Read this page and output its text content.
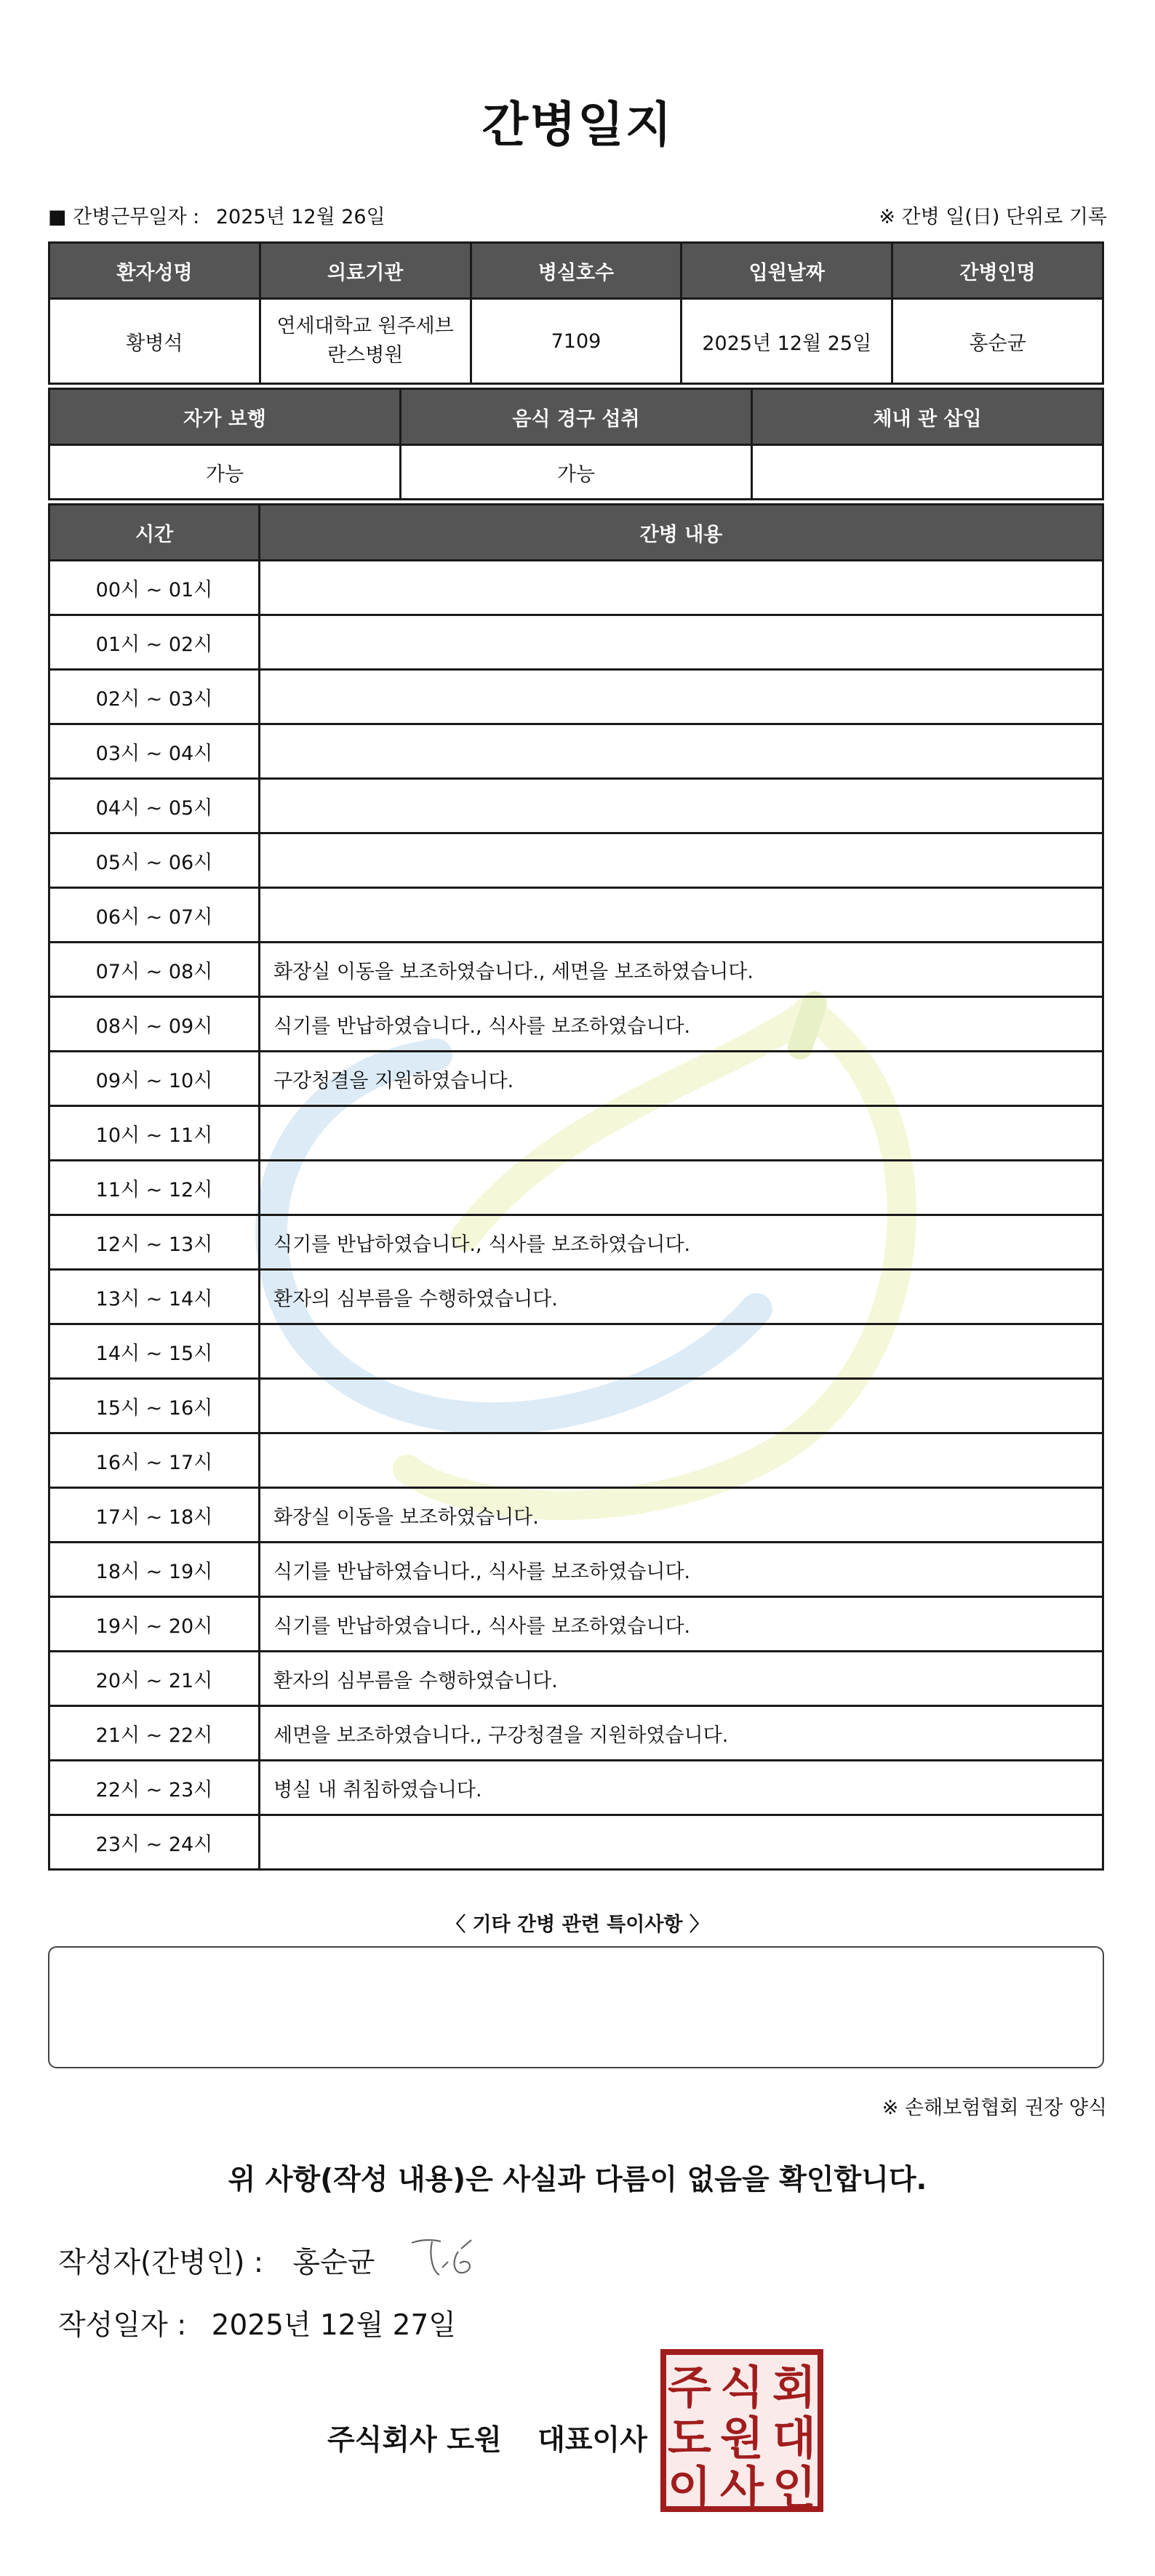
간병일지
■ 간병근무일자 : 2025년 12월 26일	※ 간병 일(日) 단위로 기록
환자성명	의료기관	병실호수	입원날짜	간병인명
황병석	연세대학교 원주세브란스병원	7109	2025년 12월 25일	홍순균
자가 보행	음식 경구 섭취	체내 관 삽입
가능	가능	
시간	간병 내용
00시 ~ 01시	
01시 ~ 02시	
02시 ~ 03시	
03시 ~ 04시	
04시 ~ 05시	
05시 ~ 06시	
06시 ~ 07시	
07시 ~ 08시	화장실 이동을 보조하였습니다., 세면을 보조하였습니다.
08시 ~ 09시	식기를 반납하였습니다., 식사를 보조하였습니다.
09시 ~ 10시	구강청결을 지원하였습니다.
10시 ~ 11시	
11시 ~ 12시	
12시 ~ 13시	식기를 반납하였습니다., 식사를 보조하였습니다.
13시 ~ 14시	환자의 심부름을 수행하였습니다.
14시 ~ 15시	
15시 ~ 16시	
16시 ~ 17시	
17시 ~ 18시	화장실 이동을 보조하였습니다.
18시 ~ 19시	식기를 반납하였습니다., 식사를 보조하였습니다.
19시 ~ 20시	식기를 반납하였습니다., 식사를 보조하였습니다.
20시 ~ 21시	환자의 심부름을 수행하였습니다.
21시 ~ 22시	세면을 보조하였습니다., 구강청결을 지원하였습니다.
22시 ~ 23시	병실 내 취침하였습니다.
23시 ~ 24시	
〈 기타 간병 관련 특이사항 〉
※ 손해보험협회 권장 양식
위 사항(작성 내용)은 사실과 다름이 없음을 확인합니다.
작성자(간병인) : 홍순균
작성일자 : 2025년 12월 27일
주식회사 도원 대표이사
주 식 회
도 원 대
이 사 인
